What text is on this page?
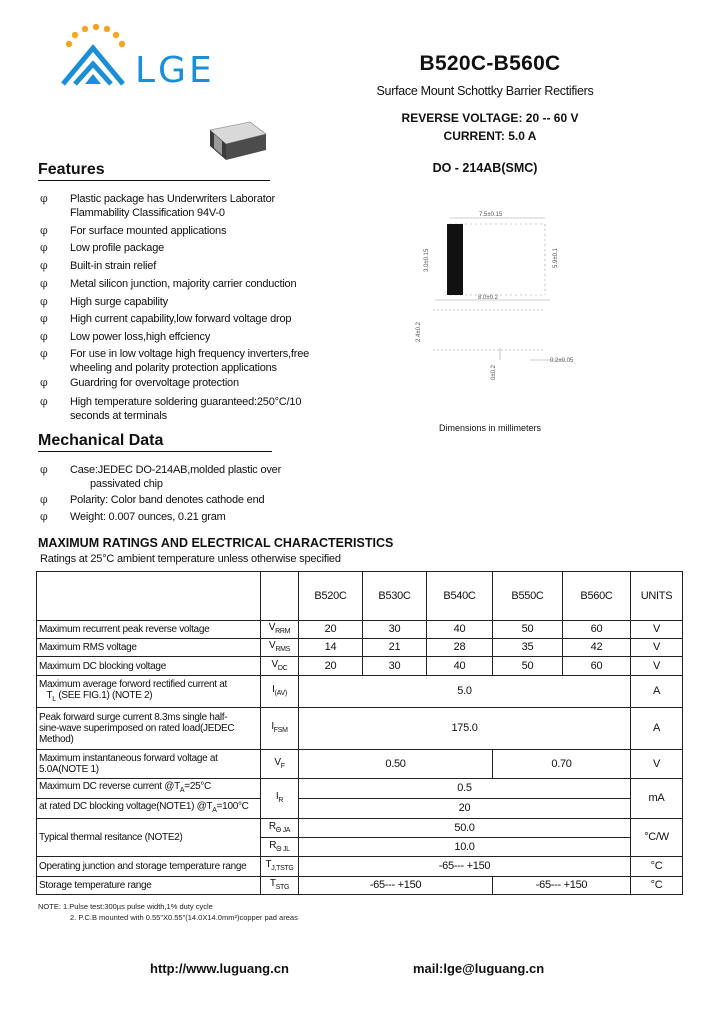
LGE	B520C-B560C
Surface Mount Schottky Barrier Rectifiers
REVERSE VOLTAGE: 20 -- 60 V
CURRENT: 5.0 A
DO - 214AB(SMC)
Features
φ Plastic package has Underwriters Laborator
Flammability Classification 94V-0
φ For surface mounted applications
φ Low profile package
φ Built-in strain relief
φ Metal silicon junction, majority carrier conduction
φ High surge capability
φ High current capability,low forward voltage drop
φ Low power loss,high effciency
φ For use in low voltage high frequency inverters,free
wheeling and polarity protection applications
φ Guardring for overvoltage protection
φ High temperature soldering guaranteed:250°C/10
seconds at terminals
Mechanical Data
φ Case:JEDEC DO-214AB,molded plastic over
passivated chip
φ Polarity: Color band denotes cathode end
φ Weight: 0.007 ounces, 0.21 gram
7.5±0.15
3.0±0.15	5.9±0.1
8.0±0.2
2.4±0.2
0.2±0.05
1.0±0.2
Dimensions in millimeters
MAXIMUM RATINGS AND ELECTRICAL CHARACTERISTICS
Ratings at 25°C ambient temperature unless otherwise specified
		B520C	B530C	B540C	B550C	B560C	UNITS
Maximum recurrent peak reverse voltage	$V_{RRM}$	20	30	40	50	60	V
Maximum RMS voltage	$V_{RMS}$	14	21	28	35	42	V
Maximum DC blocking voltage	$V_{DC}$	20	30	40	50	60	V
Maximum average forword rectified current at
$T_L$ (SEE FIG.1) (NOTE 2)	$I_{(AV)}$	5.0					A
Peak forward surge current 8.3ms single half-
sine-wave superimposed on rated load(JEDEC
Method)	$I_{FSM}$	175.0					A
Maximum instantaneous forward voltage at
5.0A(NOTE 1)	$V_F$	0.50			0.70		V
Maximum DC reverse current $@T_A=25^\circ C$	$I_R$	0.5					mA
at rated DC blocking voltage(NOTE1) $@T_A=100^\circ C$		20					
Typical thermal resitance (NOTE2)	$R_{\Theta JA}$	50.0					°C/W
	$R_{\Theta JL}$	10.0					
Operating junction and storage temperature range	$T_{J,TSTG}$	-65--- +150					°C
Storage temperature range	$T_{STG}$	-65--- +150			-65--- +150		°C
NOTE: 1.Pulse test:300µs pulse width,1% duty cycle
2. P.C.B mounted with 0.55"X0.55"(14.0X14.0mm²)copper pad areas
http://www.luguang.cn	mail:lge@luguang.cn
